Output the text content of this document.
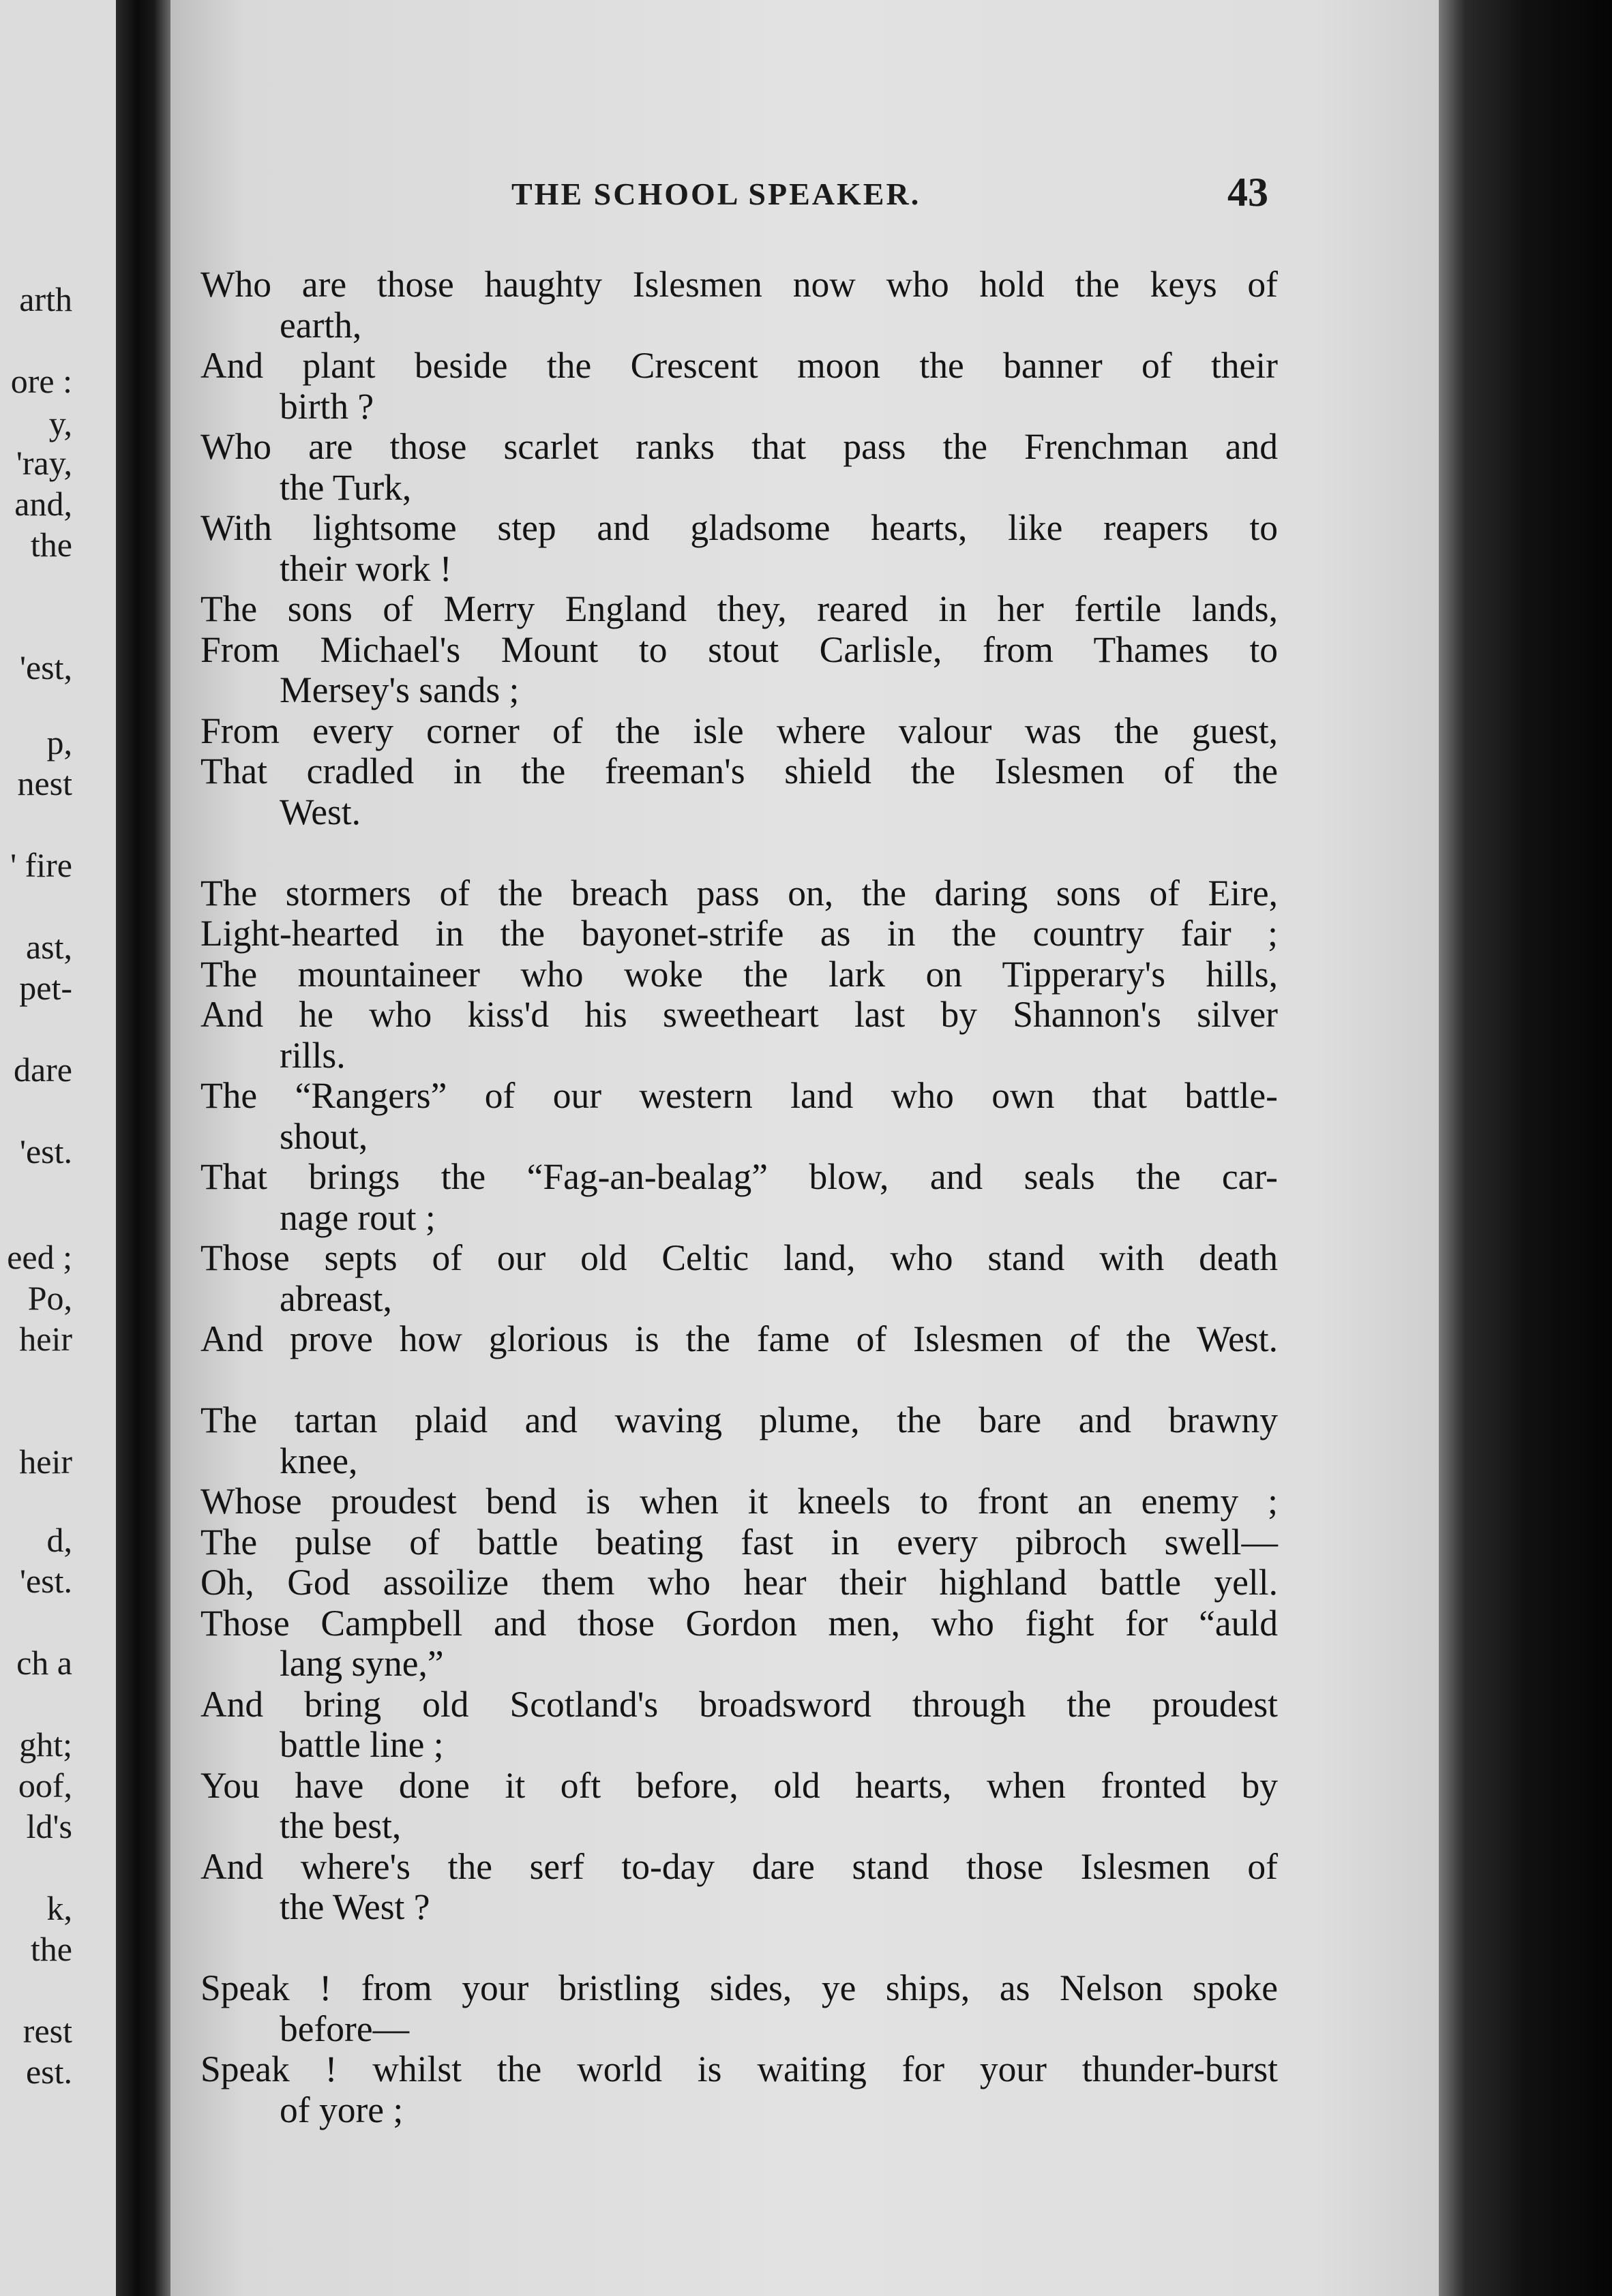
arth
ore :
y,
'ray,
and,
the
'est,
p,
nest
' fire
ast,
pet-
dare
'est.
eed ;
Po,
heir
heir
d,
'est.
ch a
ght;
oof,
ld's
k,
the
rest
est.
THE SCHOOL SPEAKER.	43
Who are those haughty Islesmen now who hold the keys of
earth,
And plant beside the Crescent moon the banner of their
birth ?
Who are those scarlet ranks that pass the Frenchman and
the Turk,
With lightsome step and gladsome hearts, like reapers to
their work !
The sons of Merry England they, reared in her fertile lands,
From Michael's Mount to stout Carlisle, from Thames to
Mersey's sands ;
From every corner of the isle where valour was the guest,
That cradled in the freeman's shield the Islesmen of the
West.
The stormers of the breach pass on, the daring sons of Eire,
Light-hearted in the bayonet-strife as in the country fair ;
The mountaineer who woke the lark on Tipperary's hills,
And he who kiss'd his sweetheart last by Shannon's silver
rills.
The “Rangers” of our western land who own that battle-
shout,
That brings the “Fag-an-bealag” blow, and seals the car-
nage rout ;
Those septs of our old Celtic land, who stand with death
abreast,
And prove how glorious is the fame of Islesmen of the West.
The tartan plaid and waving plume, the bare and brawny
knee,
Whose proudest bend is when it kneels to front an enemy ;
The pulse of battle beating fast in every pibroch swell—
Oh, God assoilize them who hear their highland battle yell.
Those Campbell and those Gordon men, who fight for “auld
lang syne,”
And bring old Scotland's broadsword through the proudest
battle line ;
You have done it oft before, old hearts, when fronted by
the best,
And where's the serf to-day dare stand those Islesmen of
the West ?
Speak ! from your bristling sides, ye ships, as Nelson spoke
before—
Speak ! whilst the world is waiting for your thunder-burst
of yore ;
